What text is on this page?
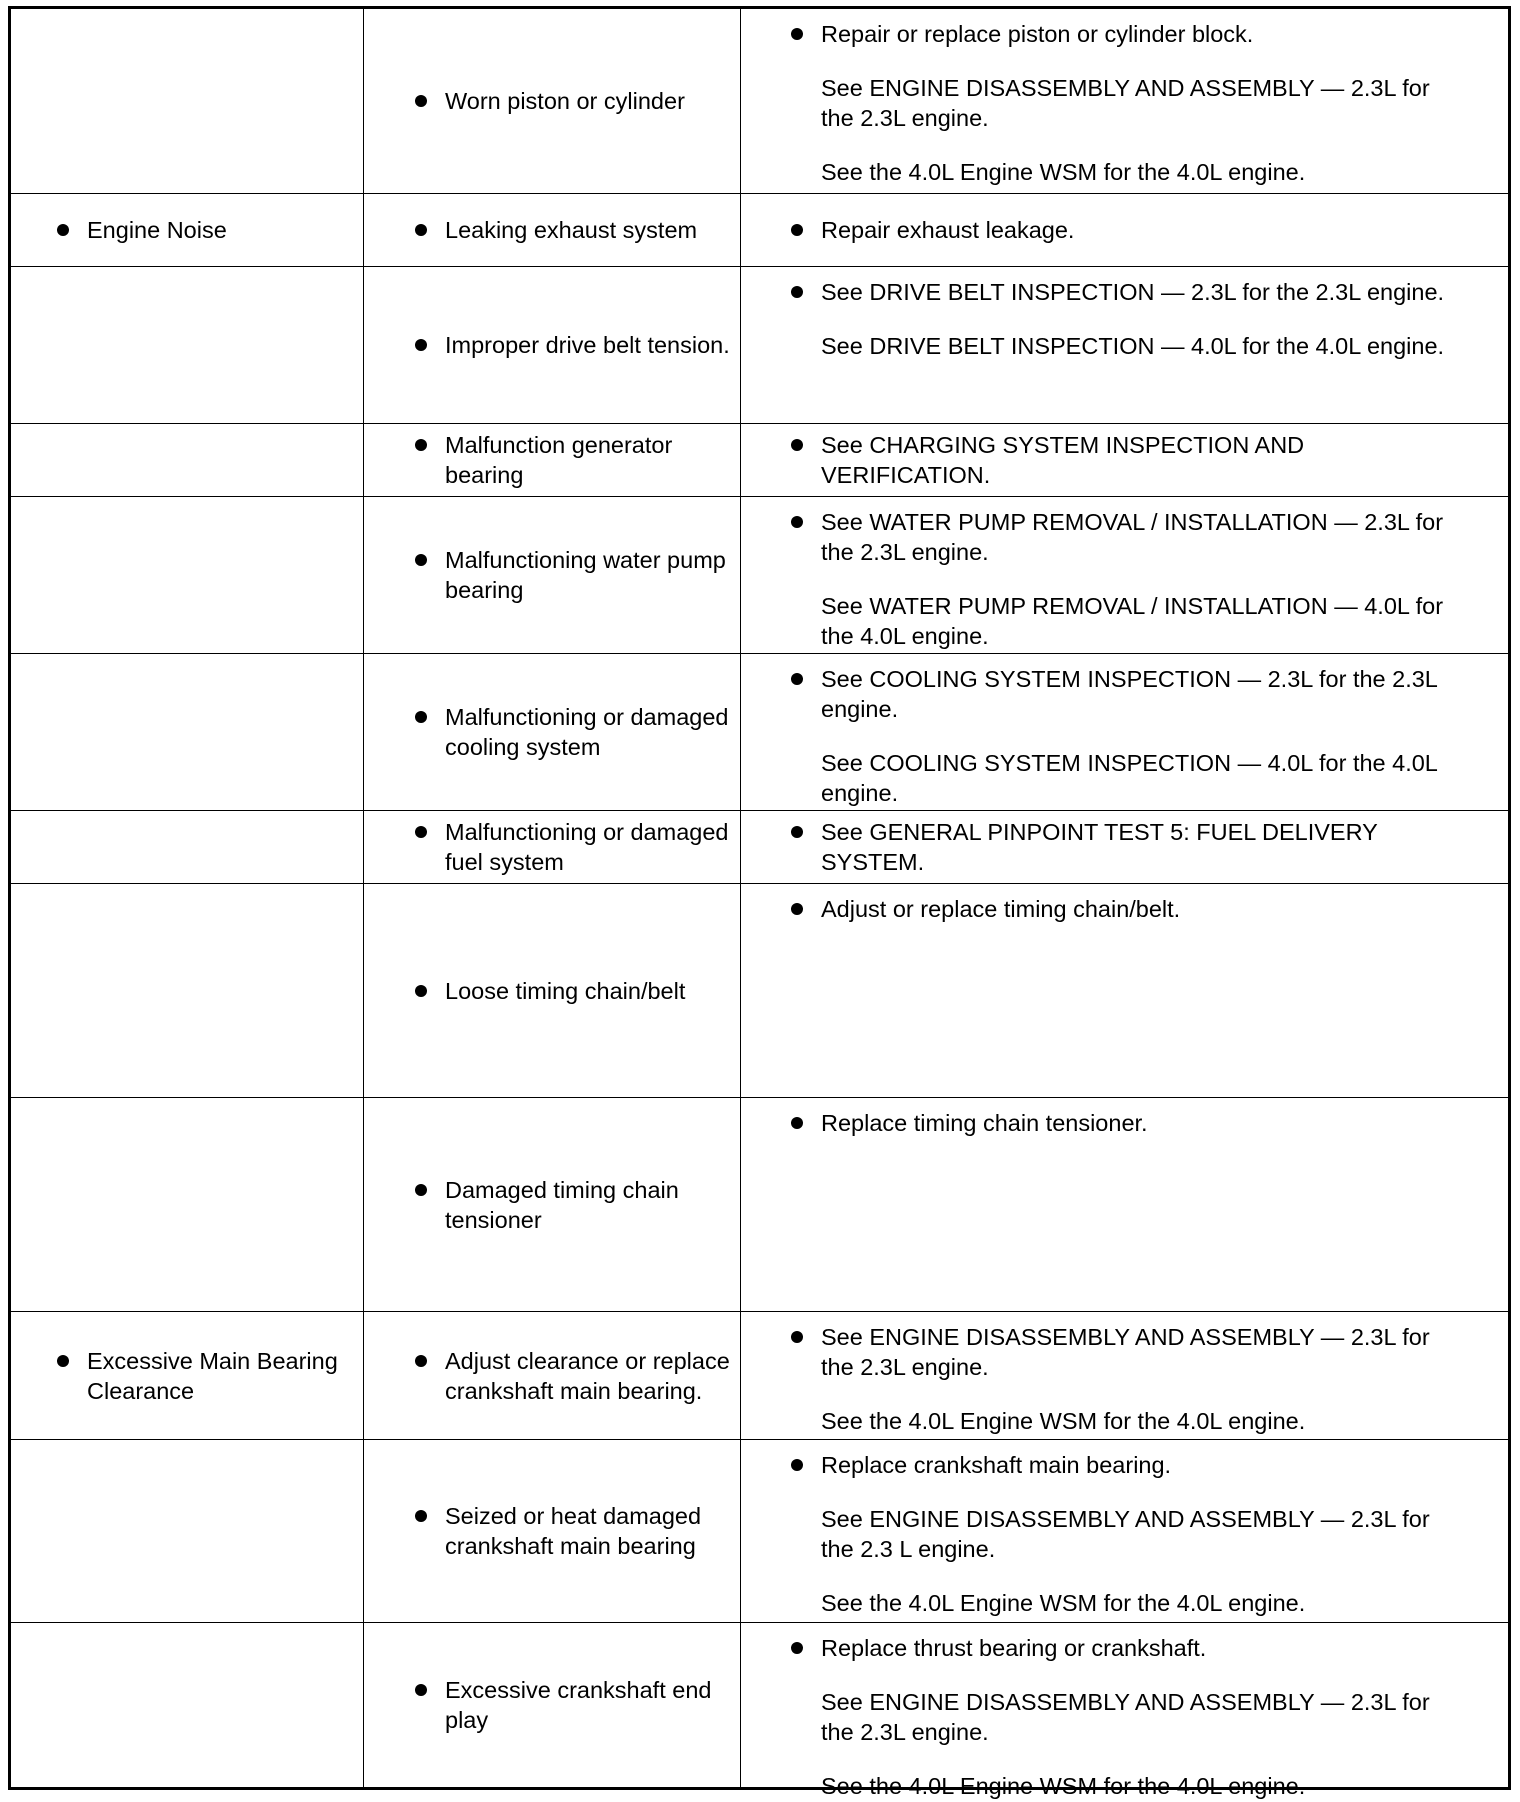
Worn piston or cylinder
Repair or replace piston or cylinder block.
See ENGINE DISASSEMBLY AND ASSEMBLY — 2.3L for the 2.3L engine.
See the 4.0L Engine WSM for the 4.0L engine.
Engine Noise	Leaking exhaust system	Repair exhaust leakage.
Improper drive belt tension.
See DRIVE BELT INSPECTION — 2.3L for the 2.3L engine.
See DRIVE BELT INSPECTION — 4.0L for the 4.0L engine.
Malfunction generator bearing
See CHARGING SYSTEM INSPECTION AND VERIFICATION.
Malfunctioning water pump bearing
See WATER PUMP REMOVAL / INSTALLATION — 2.3L for the 2.3L engine.
See WATER PUMP REMOVAL / INSTALLATION — 4.0L for the 4.0L engine.
Malfunctioning or damaged cooling system
See COOLING SYSTEM INSPECTION — 2.3L for the 2.3L engine.
See COOLING SYSTEM INSPECTION — 4.0L for the 4.0L engine.
Malfunctioning or damaged fuel system
See GENERAL PINPOINT TEST 5: FUEL DELIVERY SYSTEM.
Loose timing chain/belt
Adjust or replace timing chain/belt.
Damaged timing chain tensioner
Replace timing chain tensioner.
Excessive Main Bearing Clearance
Adjust clearance or replace crankshaft main bearing.
See ENGINE DISASSEMBLY AND ASSEMBLY — 2.3L for the 2.3L engine.
See the 4.0L Engine WSM for the 4.0L engine.
Seized or heat damaged crankshaft main bearing
Replace crankshaft main bearing.
See ENGINE DISASSEMBLY AND ASSEMBLY — 2.3L for the 2.3 L engine.
See the 4.0L Engine WSM for the 4.0L engine.
Excessive crankshaft end play
Replace thrust bearing or crankshaft.
See ENGINE DISASSEMBLY AND ASSEMBLY — 2.3L for the 2.3L engine.
See the 4.0L Engine WSM for the 4.0L engine.
